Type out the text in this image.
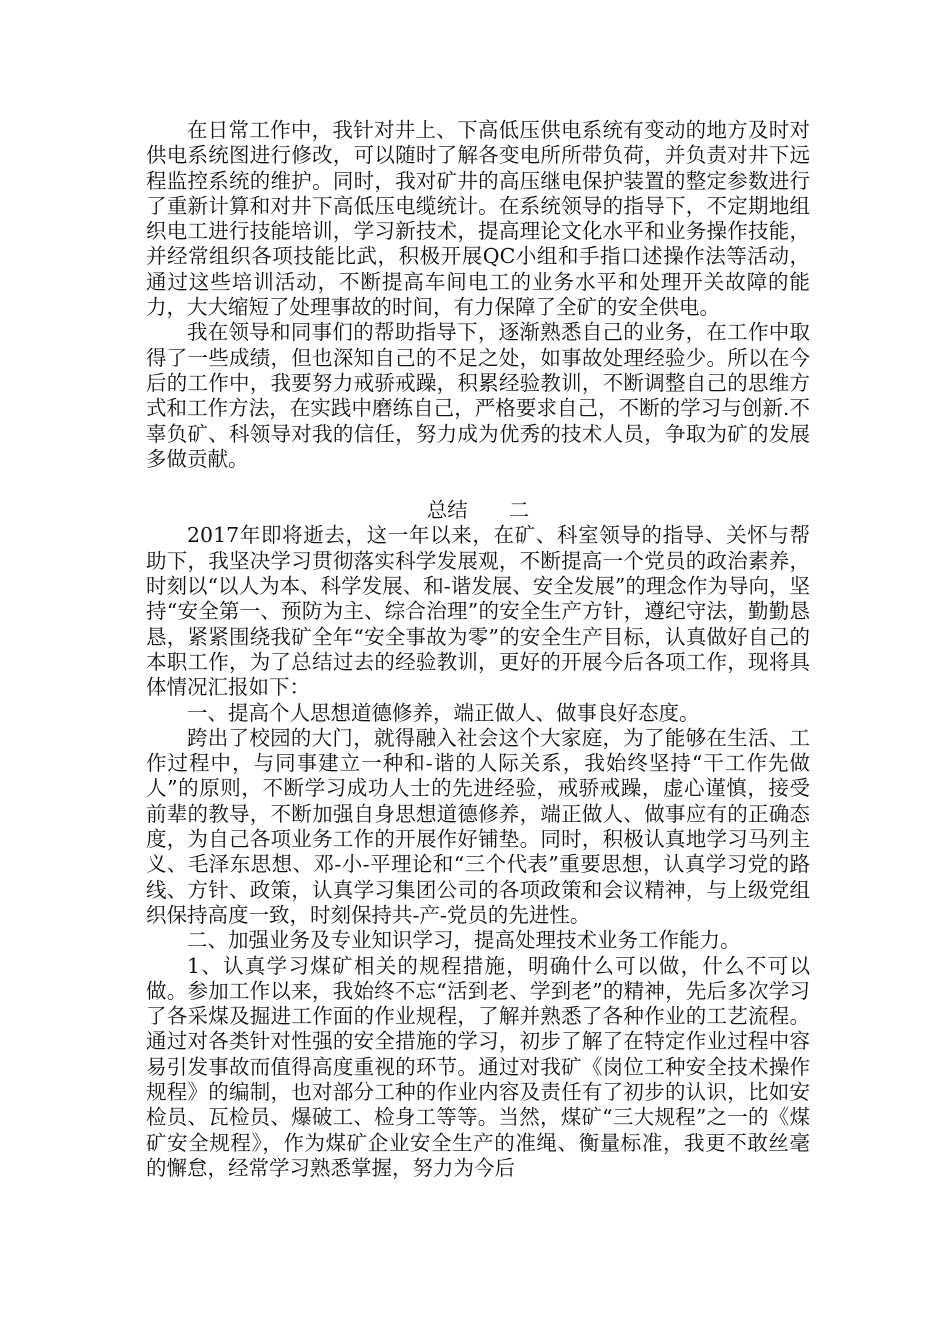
在日常工作中，我针对井上、下高低压供电系统有变动的地方及时对供电系统图进行修改，可以随时了解各变电所所带负荷，并负责对井下远程监控系统的维护。同时，我对矿井的高压继电保护装置的整定参数进行了重新计算和对井下高低压电缆统计。在系统领导的指导下，不定期地组织电工进行技能培训，学习新技术，提高理论文化水平和业务操作技能，并经常组织各项技能比武，积极开展QC小组和手指口述操作法等活动，通过这些培训活动，不断提高车间电工的业务水平和处理开关故障的能力，大大缩短了处理事故的时间，有力保障了全矿的安全供电。

我在领导和同事们的帮助指导下，逐渐熟悉自己的业务，在工作中取得了一些成绩，但也深知自己的不足之处，如事故处理经验少。所以在今后的工作中，我要努力戒骄戒躁，积累经验教训，不断调整自己的思维方式和工作方法，在实践中磨练自己，严格要求自己，不断的学习与创新.不辜负矿、科领导对我的信任，努力成为优秀的技术人员，争取为矿的发展多做贡献。

总结　　二

2017年即将逝去，这一年以来，在矿、科室领导的指导、关怀与帮助下，我坚决学习贯彻落实科学发展观，不断提高一个党员的政治素养，时刻以“以人为本、科学发展、和-谐发展、安全发展”的理念作为导向，坚持“安全第一、预防为主、综合治理”的安全生产方针，遵纪守法，勤勤恳恳，紧紧围绕我矿全年“安全事故为零”的安全生产目标，认真做好自己的本职工作，为了总结过去的经验教训，更好的开展今后各项工作，现将具体情况汇报如下：

一、提高个人思想道德修养，端正做人、做事良好态度。

跨出了校园的大门，就得融入社会这个大家庭，为了能够在生活、工作过程中，与同事建立一种和-谐的人际关系，我始终坚持“干工作先做人”的原则，不断学习成功人士的先进经验，戒骄戒躁，虚心谨慎，接受前辈的教导，不断加强自身思想道德修养，端正做人、做事应有的正确态度，为自己各项业务工作的开展作好铺垫。同时，积极认真地学习马列主义、毛泽东思想、邓-小-平理论和“三个代表”重要思想，认真学习党的路线、方针、政策，认真学习集团公司的各项政策和会议精神，与上级党组织保持高度一致，时刻保持共-产-党员的先进性。

二、加强业务及专业知识学习，提高处理技术业务工作能力。

1、认真学习煤矿相关的规程措施，明确什么可以做，什么不可以做。参加工作以来，我始终不忘“活到老、学到老”的精神，先后多次学习了各采煤及掘进工作面的作业规程，了解并熟悉了各种作业的工艺流程。通过对各类针对性强的安全措施的学习，初步了解了在特定作业过程中容易引发事故而值得高度重视的环节。通过对我矿《岗位工种安全技术操作规程》的编制，也对部分工种的作业内容及责任有了初步的认识，比如安检员、瓦检员、爆破工、检身工等等。当然，煤矿“三大规程”之一的《煤矿安全规程》，作为煤矿企业安全生产的准绳、衡量标准，我更不敢丝毫的懈怠，经常学习熟悉掌握，努力为今后
